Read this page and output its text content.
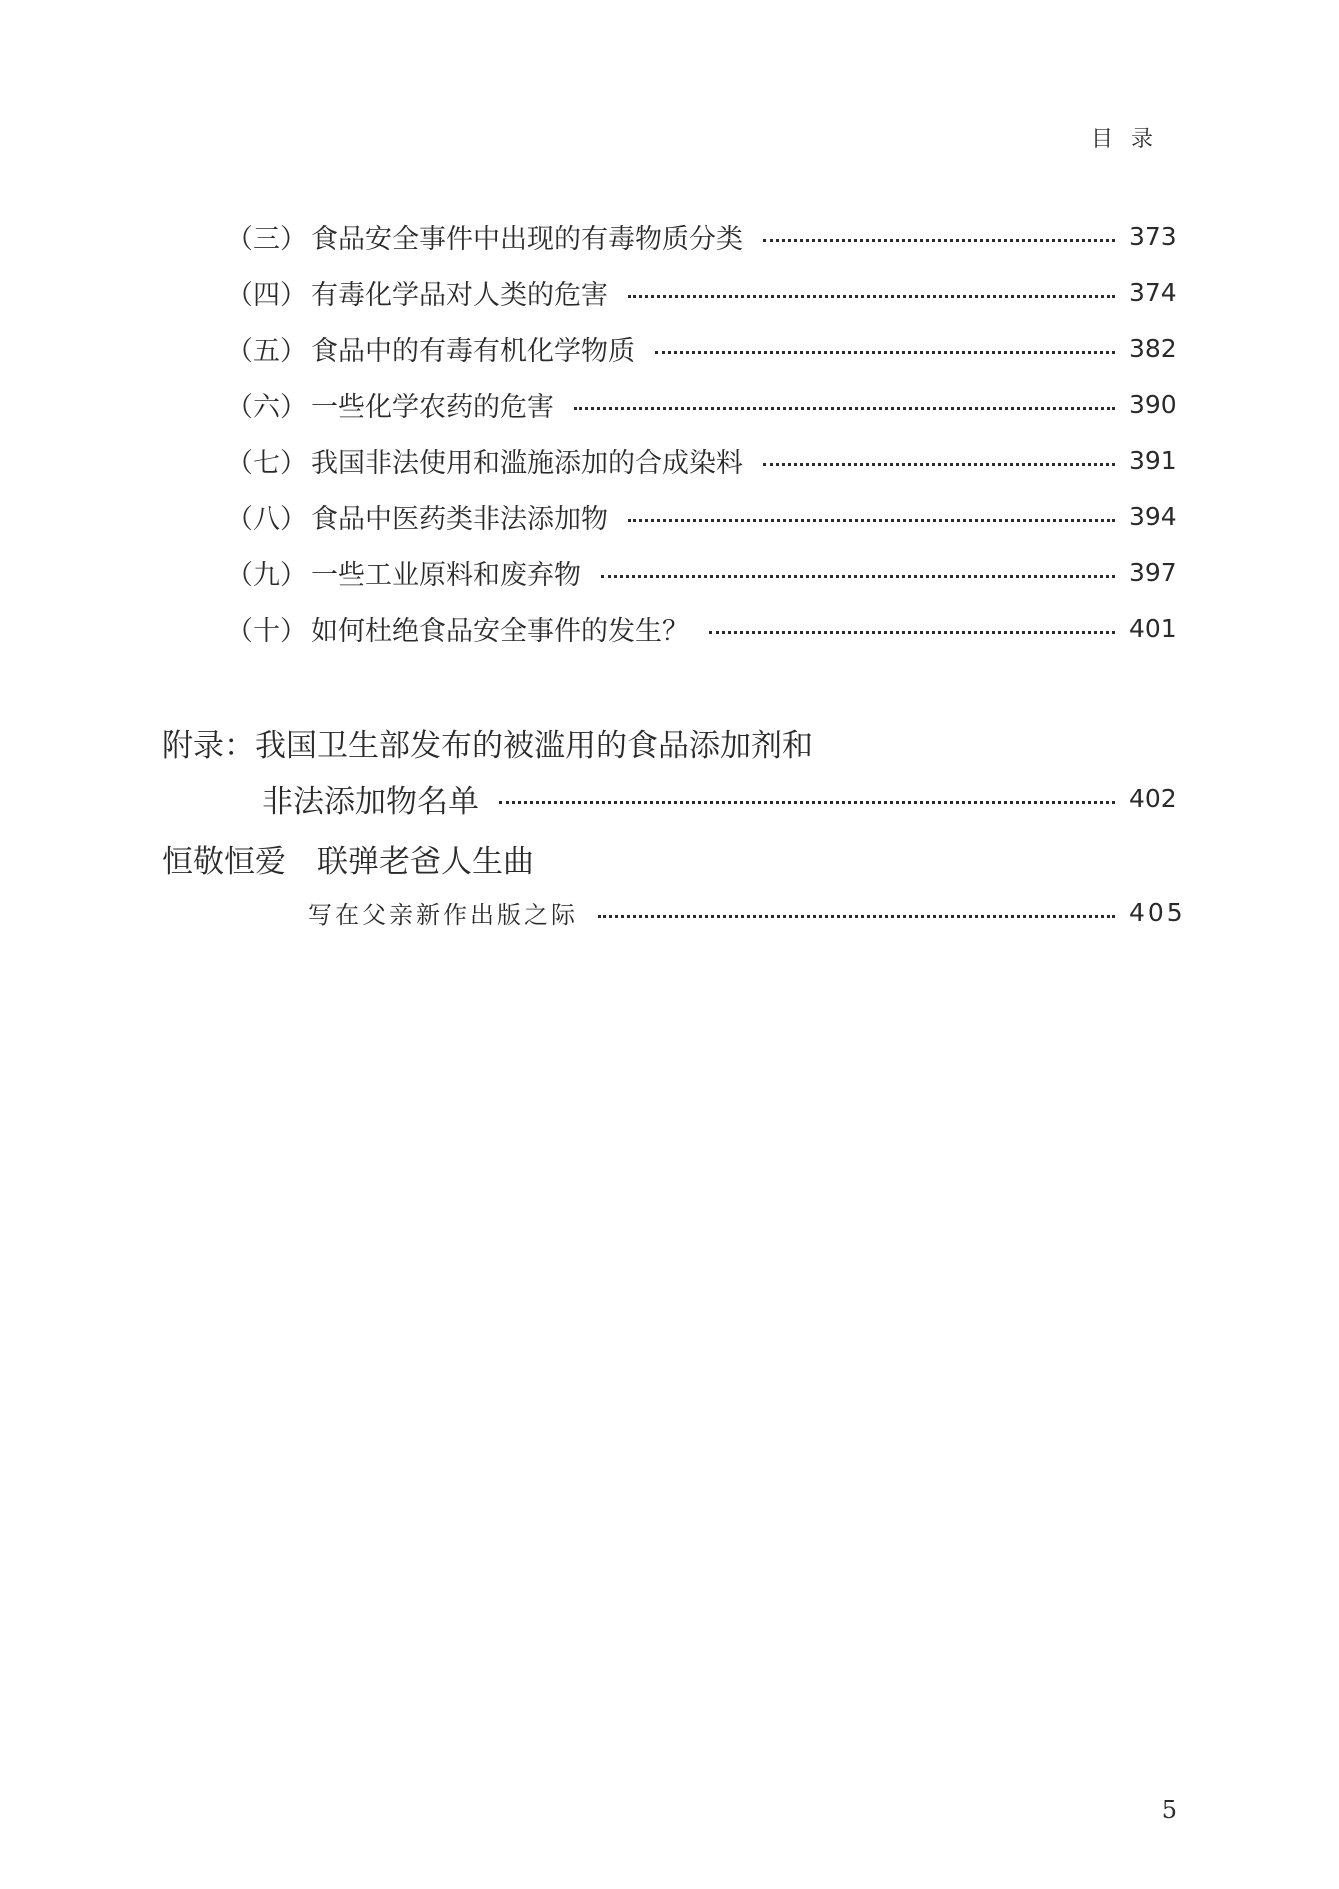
目录
（三） 食品安全事件中出现的有毒物质分类	373
（四） 有毒化学品对人类的危害	374
（五） 食品中的有毒有机化学物质	382
（六） 一些化学农药的危害	390
（七） 我国非法使用和滥施添加的合成染料	391
（八） 食品中医药类非法添加物	394
（九） 一些工业原料和废弃物	397
（十） 如何杜绝食品安全事件的发生？	401
附录：我国卫生部发布的被滥用的食品添加剂和
非法添加物名单	402
恒敬恒爱　联弹老爸人生曲
写在父亲新作出版之际	405
5
